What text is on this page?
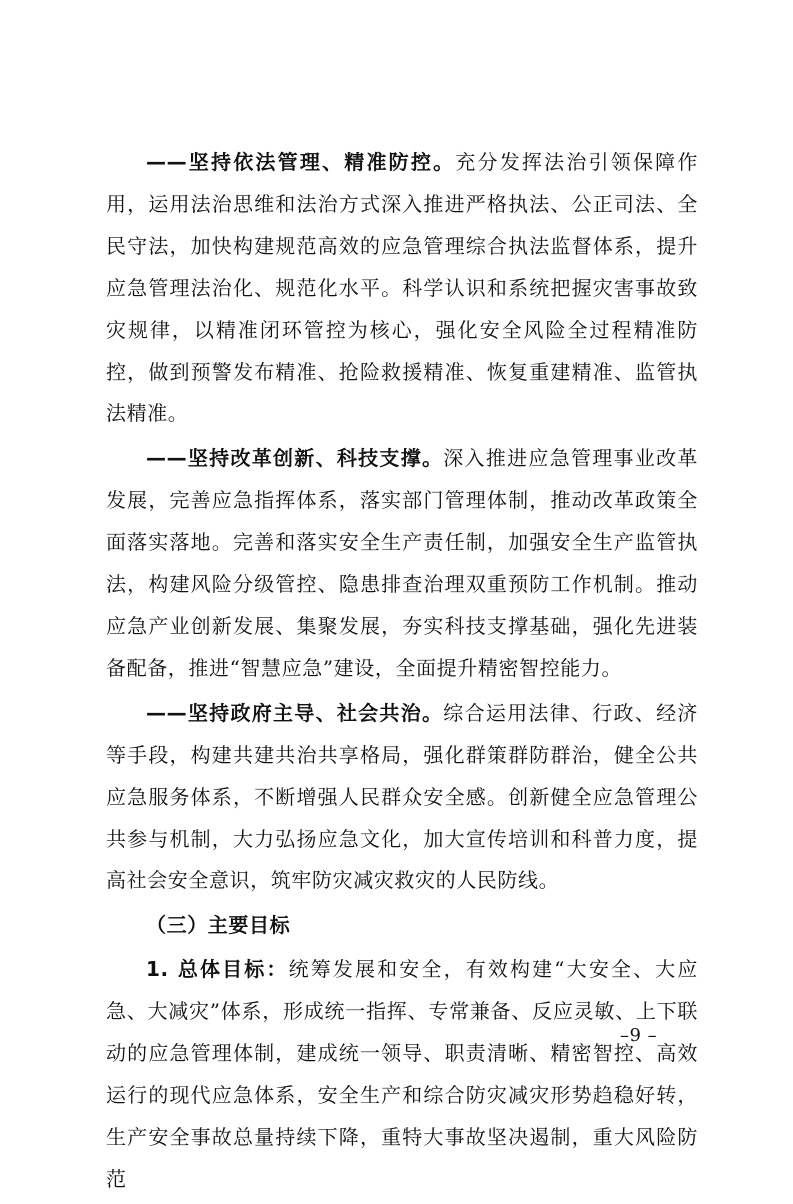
——坚持依法管理、精准防控。充分发挥法治引领保障作用，运用法治思维和法治方式深入推进严格执法、公正司法、全民守法，加快构建规范高效的应急管理综合执法监督体系，提升应急管理法治化、规范化水平。科学认识和系统把握灾害事故致灾规律，以精准闭环管控为核心，强化安全风险全过程精准防控，做到预警发布精准、抢险救援精准、恢复重建精准、监管执法精准。

——坚持改革创新、科技支撑。深入推进应急管理事业改革发展，完善应急指挥体系，落实部门管理体制，推动改革政策全面落实落地。完善和落实安全生产责任制，加强安全生产监管执法，构建风险分级管控、隐患排查治理双重预防工作机制。推动应急产业创新发展、集聚发展，夯实科技支撑基础，强化先进装备配备，推进“智慧应急”建设，全面提升精密智控能力。

——坚持政府主导、社会共治。综合运用法律、行政、经济等手段，构建共建共治共享格局，强化群策群防群治，健全公共应急服务体系，不断增强人民群众安全感。创新健全应急管理公共参与机制，大力弘扬应急文化，加大宣传培训和科普力度，提高社会安全意识，筑牢防灾减灾救灾的人民防线。

（三）主要目标

1. 总体目标：统筹发展和安全，有效构建“大安全、大应急、大减灾”体系，形成统一指挥、专常兼备、反应灵敏、上下联动的应急管理体制，建成统一领导、职责清晰、精密智控、高效运行的现代应急体系，安全生产和综合防灾减灾形势趋稳好转，生产安全事故总量持续下降，重特大事故坚决遏制，重大风险防范

–9 –
